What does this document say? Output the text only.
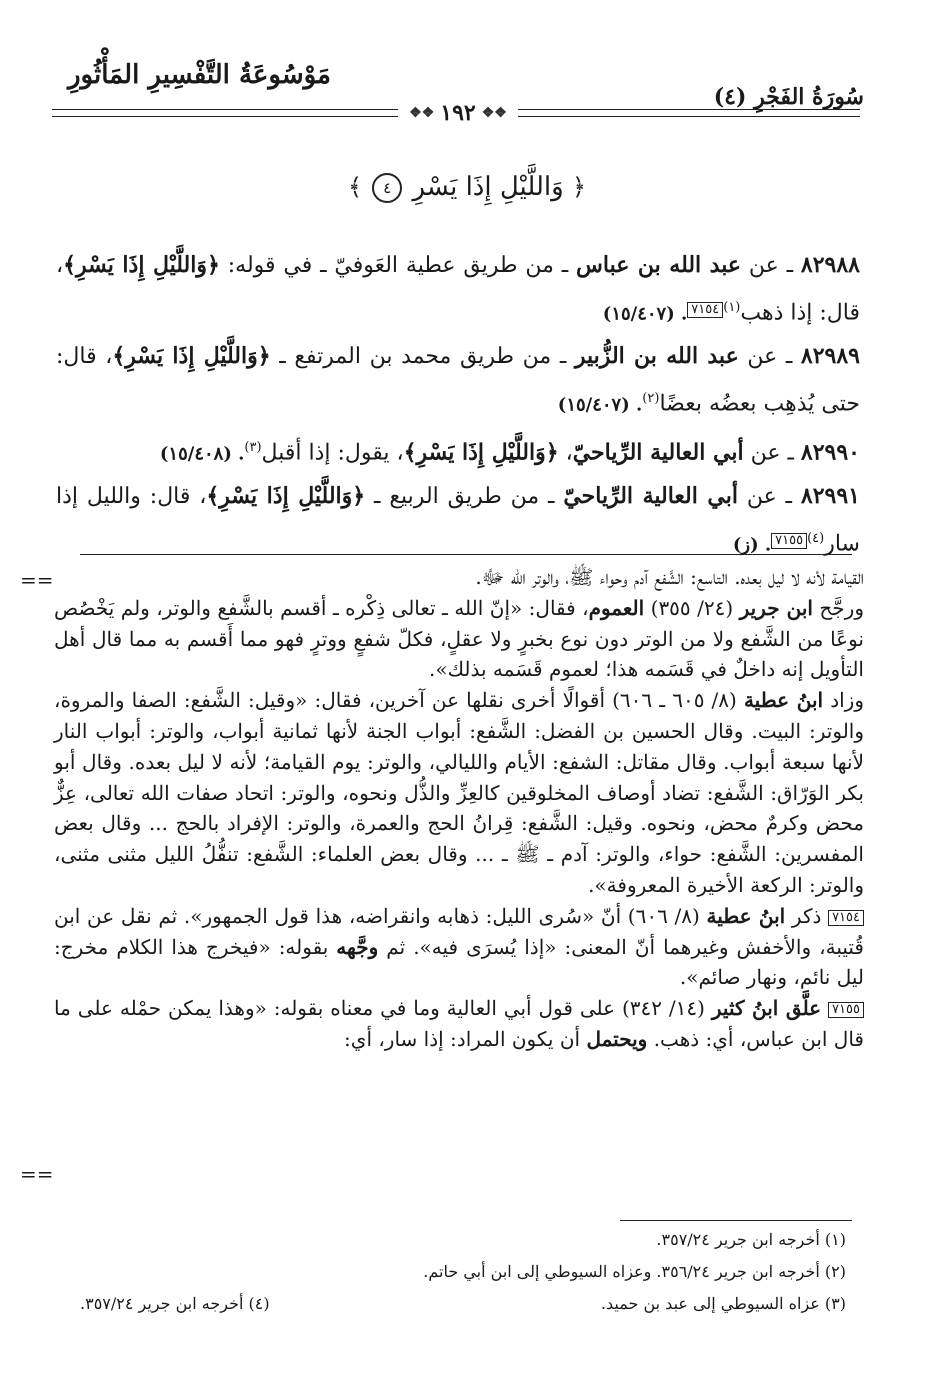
سُورَةُ الفَجْرِ (٤)
مَوْسُوعَةُ التَّفْسِيرِ المَأْثُورِ
❖❖
١٩٢
❖❖
﴿ وَاللَّيْلِ إِذَا يَسْرِ ٤ ﴾

٨٢٩٨٨ ـ عن عبد الله بن عباس ـ من طريق عطية العَوفيّ ـ في قوله: ﴿وَاللَّيْلِ إِذَا يَسْرِ﴾، قال: إذا ذهب$^{(١)}$٧١٥٤. (١٥/٤٠٧)

٨٢٩٨٩ ـ عن عبد الله بن الزُّبير ـ من طريق محمد بن المرتفع ـ ﴿وَاللَّيْلِ إِذَا يَسْرِ﴾، قال: حتى يُذهِب بعضُه بعضًا$^{(٢)}$. (١٥/٤٠٧)

٨٢٩٩٠ ـ عن أبي العالية الرِّياحيّ، ﴿وَاللَّيْلِ إِذَا يَسْرِ﴾، يقول: إذا أقبل$^{(٣)}$. (١٥/٤٠٨)

٨٢٩٩١ ـ عن أبي العالية الرِّياحيّ ـ من طريق الربيع ـ ﴿وَاللَّيْلِ إِذَا يَسْرِ﴾، قال: والليل إذا سار$^{(٤)}$٧١٥٥. (ز)

==	القيامة لأنه لا ليل بعده. التاسع: الشَّفع آدم وحواء ﷺ، والوتر الله ﷻ.

ورجَّح ابن جرير (٢٤/ ٣٥٥) العموم، فقال: «إنّ الله ـ تعالى ذِكْره ـ أقسم بالشَّفع والوتر، ولم يَخْصُص نوعًا من الشَّفع ولا من الوتر دون نوع بخبرٍ ولا عقلٍ، فكلّ شفعٍ ووترٍ فهو مما أَقسم به مما قال أهل التأويل إنه داخلٌ في قَسَمه هذا؛ لعموم قَسَمه بذلك».

وزاد ابنُ عطية (٨/ ٦٠٥ ـ ٦٠٦) أقوالًا أخرى نقلها عن آخرين، فقال: «وقيل: الشَّفع: الصفا والمروة، والوتر: البيت. وقال الحسين بن الفضل: الشَّفع: أبواب الجنة لأنها ثمانية أبواب، والوتر: أبواب النار لأنها سبعة أبواب. وقال مقاتل: الشفع: الأيام والليالي، والوتر: يوم القيامة؛ لأنه لا ليل بعده. وقال أبو بكر الوَرّاق: الشَّفع: تضاد أوصاف المخلوقين كالعِزِّ والذُّل ونحوه، والوتر: اتحاد صفات الله تعالى، عِزٌّ محض وكرمٌ محض، ونحوه. وقيل: الشَّفع: قِرانُ الحج والعمرة، والوتر: الإفراد بالحج ... وقال بعض المفسرين: الشَّفع: حواء، والوتر: آدم ـ ﷺ ـ ... وقال بعض العلماء: الشَّفع: تنفُّلُ الليل مثنى مثنى، والوتر: الركعة الأخيرة المعروفة».

٧١٥٤ ذكر ابنُ عطية (٨/ ٦٠٦) أنّ «سُرى الليل: ذهابه وانقراضه، هذا قول الجمهور». ثم نقل عن ابن قُتيبة، والأخفش وغيرهما أنّ المعنى: «إذا يُسرَى فيه». ثم وجَّهه بقوله: «فيخرج هذا الكلام مخرج: ليل نائم، ونهار صائم».

٧١٥٥ علَّق ابنُ كثير (١٤/ ٣٤٢) على قول أبي العالية وما في معناه بقوله: «وهذا يمكن حمْله على ما قال ابن عباس، أي: ذهب. ويحتمل أن يكون المراد: إذا سار، أي:

==
(١) أخرجه ابن جرير ٣٥٧/٢٤.
(٢) أخرجه ابن جرير ٣٥٦/٢٤. وعزاه السيوطي إلى ابن أبي حاتم.
(٣) عزاه السيوطي إلى عبد بن حميد.
(٤) أخرجه ابن جرير ٣٥٧/٢٤.
